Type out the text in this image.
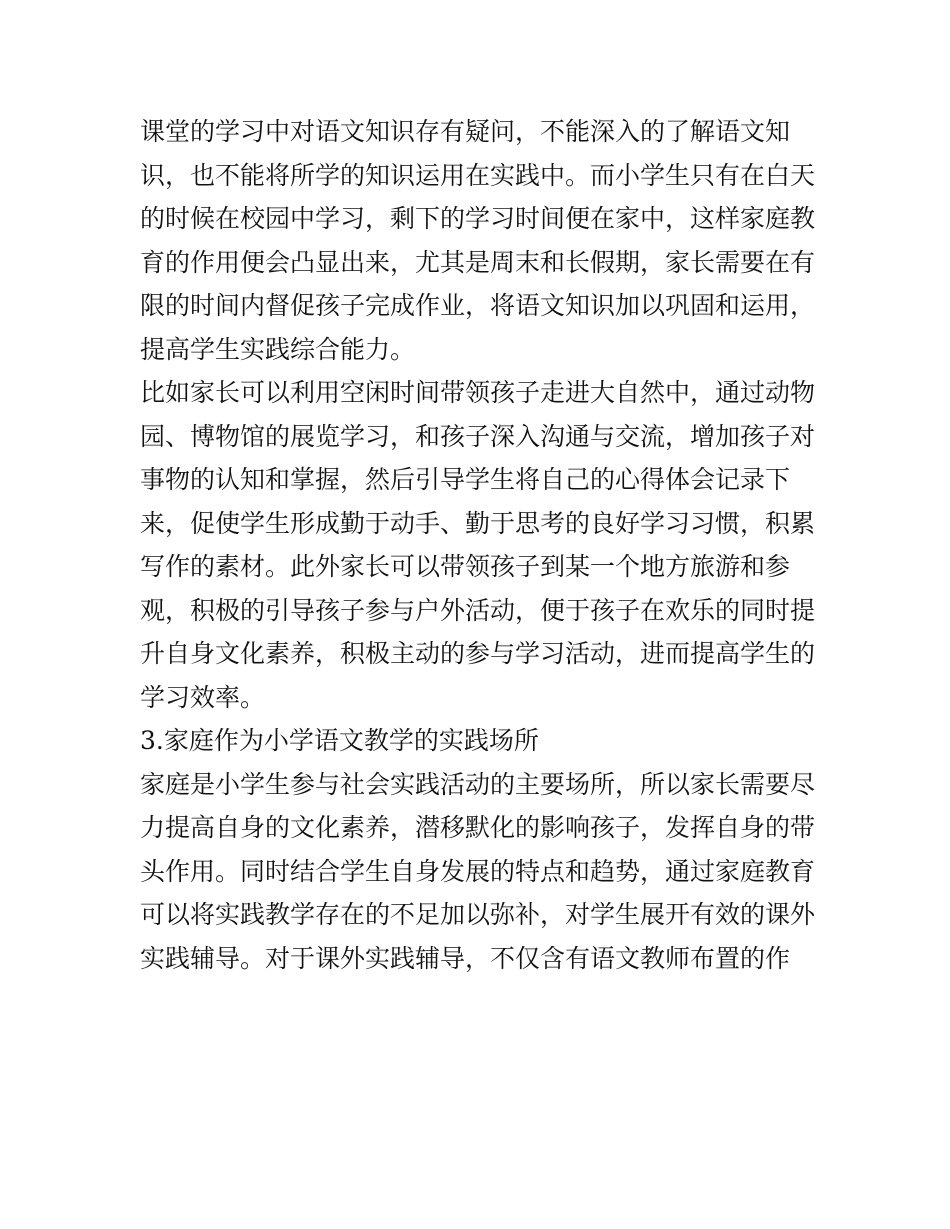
课堂的学习中对语文知识存有疑问，不能深入的了解语文知
识，也不能将所学的知识运用在实践中。而小学生只有在白天
的时候在校园中学习，剩下的学习时间便在家中，这样家庭教
育的作用便会凸显出来，尤其是周末和长假期，家长需要在有
限的时间内督促孩子完成作业，将语文知识加以巩固和运用，
提高学生实践综合能力。
比如家长可以利用空闲时间带领孩子走进大自然中，通过动物
园、博物馆的展览学习，和孩子深入沟通与交流，增加孩子对
事物的认知和掌握，然后引导学生将自己的心得体会记录下
来，促使学生形成勤于动手、勤于思考的良好学习习惯，积累
写作的素材。此外家长可以带领孩子到某一个地方旅游和参
观，积极的引导孩子参与户外活动，便于孩子在欢乐的同时提
升自身文化素养，积极主动的参与学习活动，进而提高学生的
学习效率。
3.家庭作为小学语文教学的实践场所
家庭是小学生参与社会实践活动的主要场所，所以家长需要尽
力提高自身的文化素养，潜移默化的影响孩子，发挥自身的带
头作用。同时结合学生自身发展的特点和趋势，通过家庭教育
可以将实践教学存在的不足加以弥补，对学生展开有效的课外
实践辅导。对于课外实践辅导，不仅含有语文教师布置的作
